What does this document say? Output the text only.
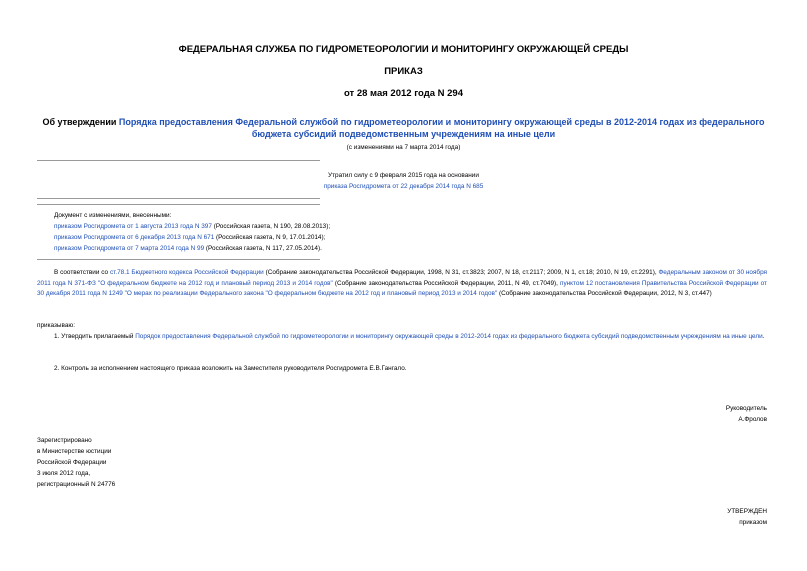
ФЕДЕРАЛЬНАЯ СЛУЖБА ПО ГИДРОМЕТЕОРОЛОГИИ И МОНИТОРИНГУ ОКРУЖАЮЩЕЙ СРЕДЫ
ПРИКАЗ
от 28 мая 2012 года N 294
Об утверждении Порядка предоставления Федеральной службой по гидрометеорологии и мониторингу окружающей среды в 2012-2014 годах из федерального бюджета субсидий подведомственным учреждениям на иные цели
(с изменениями на 7 марта 2014 года)
Утратил силу с 9 февраля 2015 года на основании
приказа Росгидромета от 22 декабря 2014 года N 685
Документ с изменениями, внесенными:
приказом Росгидромета от 1 августа 2013 года N 397 (Российская газета, N 190, 28.08.2013);
приказом Росгидромета от 6 декабря 2013 года N 671 (Российская газета, N 9, 17.01.2014);
приказом Росгидромета от 7 марта 2014 года N 99 (Российская газета, N 117, 27.05.2014).
В соответствии со ст.78.1 Бюджетного кодекса Российской Федерации (Собрание законодательства Российской Федерации, 1998, N 31, ст.3823; 2007, N 18, ст.2117; 2009, N 1, ст.18; 2010, N 19, ст.2291), Федеральным законом от 30 ноября 2011 года N 371-ФЗ "О федеральном бюджете на 2012 год и плановый период 2013 и 2014 годов" (Собрание законодательства Российской Федерации, 2011, N 49, ст.7049), пунктом 12 постановления Правительства Российской Федерации от 30 декабря 2011 года N 1249 "О мерах по реализации Федерального закона "О федеральном бюджете на 2012 год и плановый период 2013 и 2014 годов" (Собрание законодательства Российской Федерации, 2012, N 3, ст.447)
приказываю:
1. Утвердить прилагаемый Порядок предоставления Федеральной службой по гидрометеорологии и мониторингу окружающей среды в 2012-2014 годах из федерального бюджета субсидий подведомственным учреждениям на иные цели.
2. Контроль за исполнением настоящего приказа возложить на Заместителя руководителя Росгидромета Е.В.Гангало.
Руководитель
А.Фролов
Зарегистрировано
в Министерстве юстиции
Российской Федерации
3 июля 2012 года,
регистрационный N 24776
УТВЕРЖДЕН
приказом
